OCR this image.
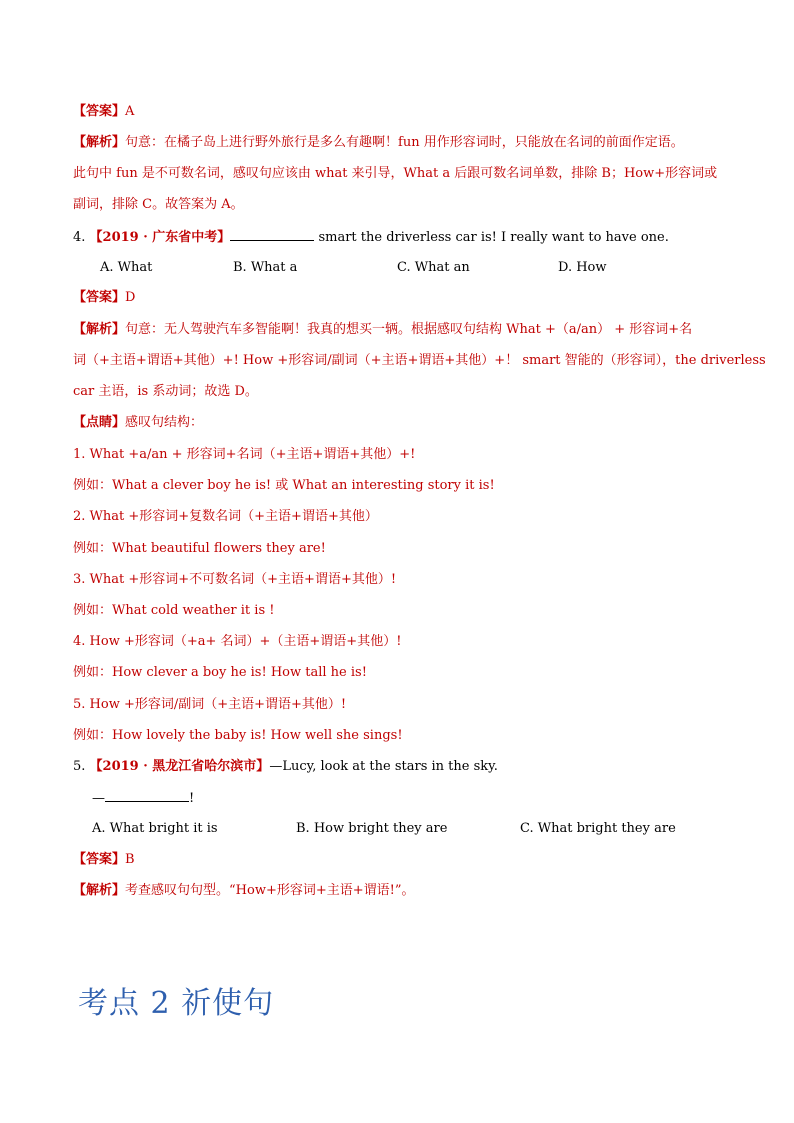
【答案】A
【解析】句意：在橘子岛上进行野外旅行是多么有趣啊！fun 用作形容词时，只能放在名词的前面作定语。
此句中 fun 是不可数名词，感叹句应该由 what 来引导，What a 后跟可数名词单数，排除 B；How+形容词或
副词，排除 C。故答案为 A。
4. 【2019 · 广东省中考】	smart the driverless car is! I really want to have one.
A. What	B. What a	C. What an	D. How
【答案】D
【解析】句意：无人驾驶汽车多智能啊！我真的想买一辆。根据感叹句结构 What +（a/an） + 形容词+名
词（+主语+谓语+其他）+! How +形容词/副词（+主语+谓语+其他）+！ smart 智能的（形容词），the driverless
car 主语，is 系动词；故选 D。
【点睛】感叹句结构：
1. What +a/an + 形容词+名词（+主语+谓语+其他）+!
例如：What a clever boy he is! 或 What an interesting story it is!
2. What +形容词+复数名词（+主语+谓语+其他）
例如：What beautiful flowers they are!
3. What +形容词+不可数名词（+主语+谓语+其他）!
例如：What cold weather it is !
4. How +形容词（+a+ 名词）+（主语+谓语+其他）!
例如：How clever a boy he is! How tall he is!
5. How +形容词/副词（+主语+谓语+其他）!
例如：How lovely the baby is! How well she sings!
5. 【2019 · 黑龙江省哈尔滨市】—Lucy, look at the stars in the sky.
—	!
A. What bright it is	B. How bright they are	C. What bright they are
【答案】B
【解析】考查感叹句句型。“How+形容词+主语+谓语!”。
考点 2 祈使句
